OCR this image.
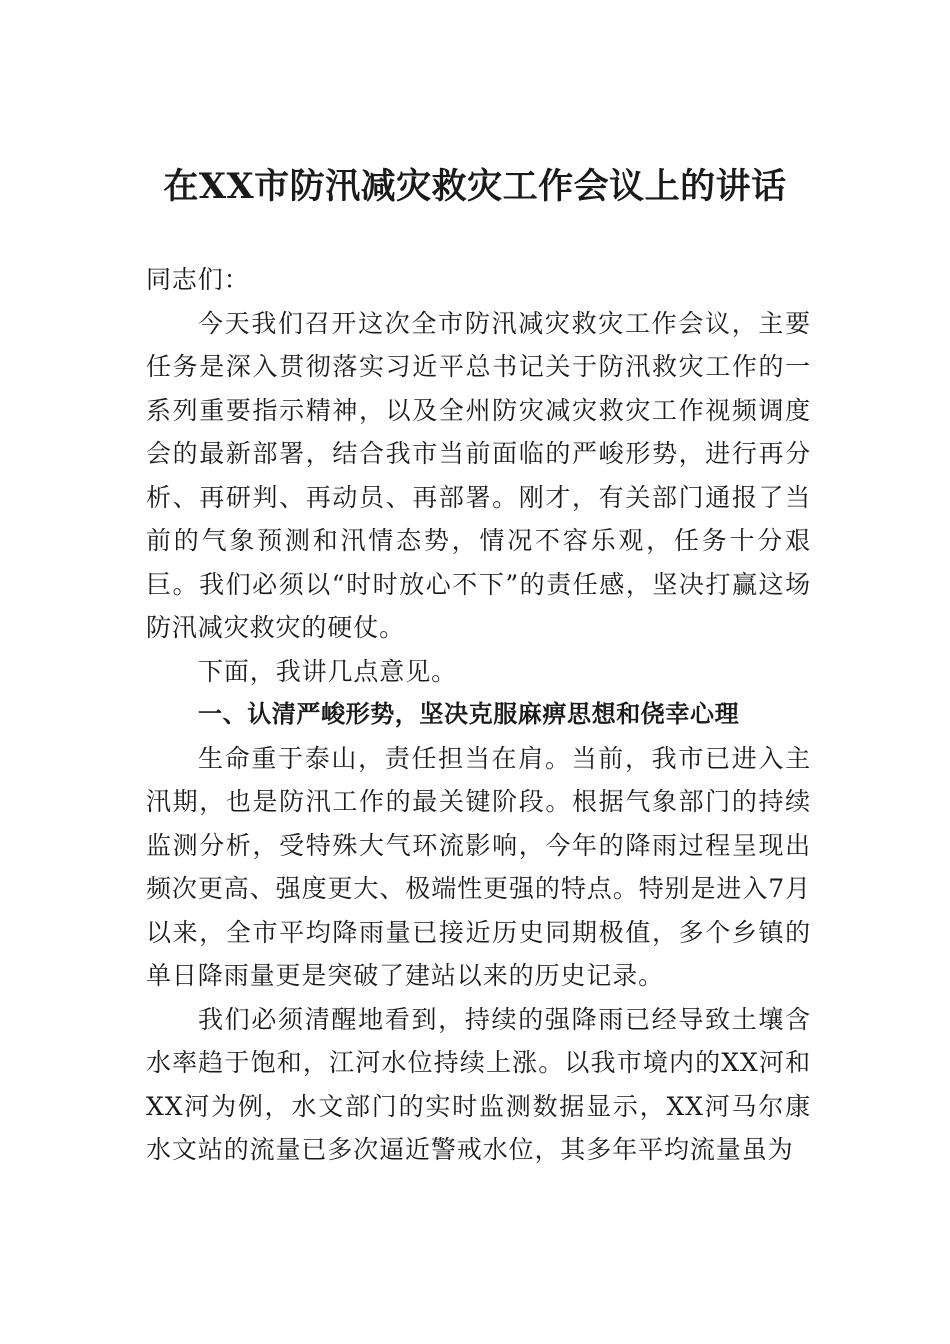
在XX市防汛减灾救灾工作会议上的讲话

同志们：

今天我们召开这次全市防汛减灾救灾工作会议，主要任务是深入贯彻落实习近平总书记关于防汛救灾工作的一系列重要指示精神，以及全州防灾减灾救灾工作视频调度会的最新部署，结合我市当前面临的严峻形势，进行再分析、再研判、再动员、再部署。刚才，有关部门通报了当前的气象预测和汛情态势，情况不容乐观，任务十分艰巨。我们必须以“时时放心不下”的责任感，坚决打赢这场防汛减灾救灾的硬仗。

下面，我讲几点意见。

一、认清严峻形势，坚决克服麻痹思想和侥幸心理

生命重于泰山，责任担当在肩。当前，我市已进入主汛期，也是防汛工作的最关键阶段。根据气象部门的持续监测分析，受特殊大气环流影响，今年的降雨过程呈现出频次更高、强度更大、极端性更强的特点。特别是进入7月以来，全市平均降雨量已接近历史同期极值，多个乡镇的单日降雨量更是突破了建站以来的历史记录。

我们必须清醒地看到，持续的强降雨已经导致土壤含水率趋于饱和，江河水位持续上涨。以我市境内的XX河和XX河为例，水文部门的实时监测数据显示，XX河马尔康水文站的流量已多次逼近警戒水位，其多年平均流量虽为
